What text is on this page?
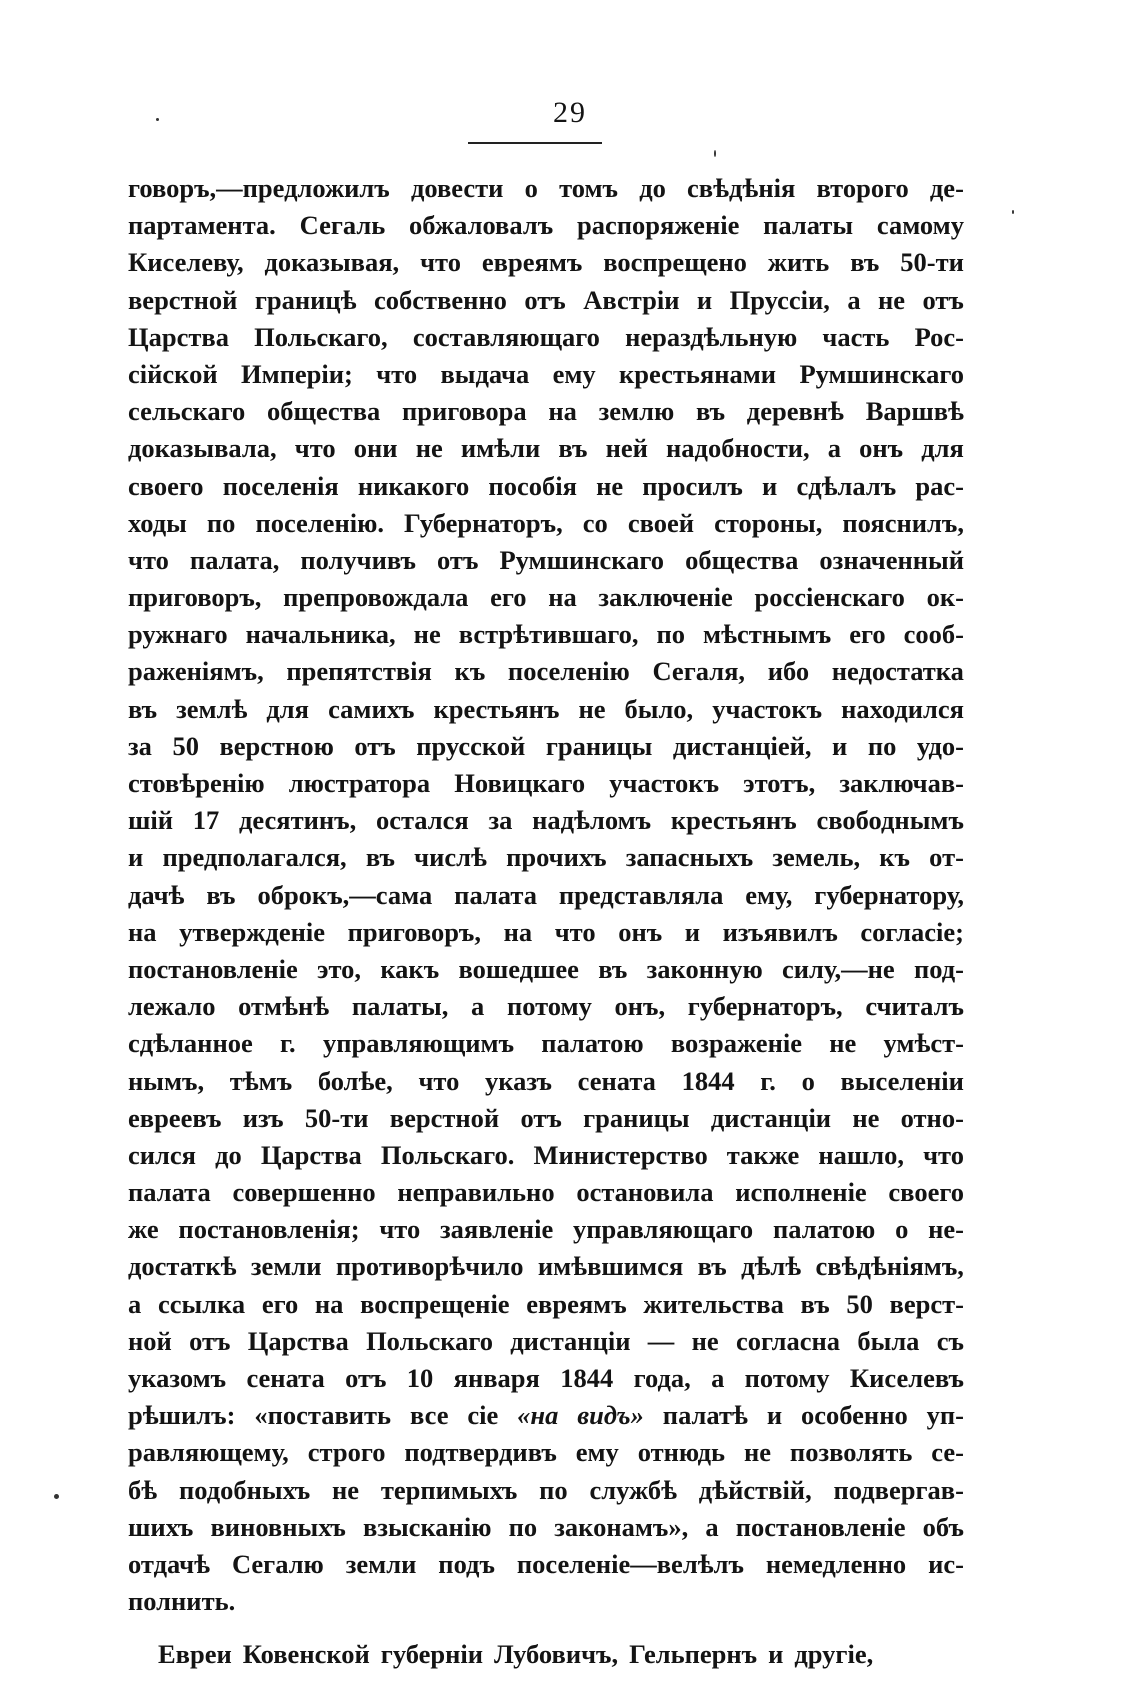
29
говоръ,—предложилъ довести о томъ до свѣдѣнія второго де-
партамента. Сегаль обжаловалъ распоряженіе палаты самому
Киселеву, доказывая, что евреямъ воспрещено жить въ 50-ти
верстной границѣ собственно отъ Австріи и Пруссіи, а не отъ
Царства Польскаго, составляющаго нераздѣльную часть Рос-
сійской Имперіи; что выдача ему крестьянами Румшинскаго
сельскаго общества приговора на землю въ деревнѣ Варшвѣ
доказывала, что они не имѣли въ ней надобности, а онъ для
своего поселенія никакого пособія не просилъ и сдѣлалъ рас-
ходы по поселенію. Губернаторъ, со своей стороны, пояснилъ,
что палата, получивъ отъ Румшинскаго общества означенный
приговоръ, препровождала его на заключеніе россіенскаго ок-
ружнаго начальника, не встрѣтившаго, по мѣстнымъ его сооб-
раженіямъ, препятствія къ поселенію Сегаля, ибо недостатка
въ землѣ для самихъ крестьянъ не было, участокъ находился
за 50 верстною отъ прусской границы дистанціей, и по удо-
стовѣренію люстратора Новицкаго участокъ этотъ, заключав-
шій 17 десятинъ, остался за надѣломъ крестьянъ свободнымъ
и предполагался, въ числѣ прочихъ запасныхъ земель, къ от-
дачѣ въ оброкъ,—сама палата представляла ему, губернатору,
на утвержденіе приговоръ, на что онъ и изъявилъ согласіе;
постановленіе это, какъ вошедшее въ законную силу,—не под-
лежало отмѣнѣ палаты, а потому онъ, губернаторъ, считалъ
сдѣланное г. управляющимъ палатою возраженіе не умѣст-
нымъ, тѣмъ болѣе, что указъ сената 1844 г. о выселеніи
евреевъ изъ 50-ти верстной отъ границы дистанціи не отно-
сился до Царства Польскаго. Министерство также нашло, что
палата совершенно неправильно остановила исполненіе своего
же постановленія; что заявленіе управляющаго палатою о не-
достаткѣ земли противорѣчило имѣвшимся въ дѣлѣ свѣдѣніямъ,
а ссылка его на воспрещеніе евреямъ жительства въ 50 верст-
ной отъ Царства Польскаго дистанціи — не согласна была съ
указомъ сената отъ 10 января 1844 года, а потому Киселевъ
рѣшилъ: «поставить все сіе «на видъ» палатѣ и особенно уп-
равляющему, строго подтвердивъ ему отнюдь не позволять се-
бѣ подобныхъ не терпимыхъ по службѣ дѣйствій, подвергав-
шихъ виновныхъ взысканію по законамъ», а постановленіе объ
отдачѣ Сегалю земли подъ поселеніе—велѣлъ немедленно ис-
полнить.
Евреи Ковенской губерніи Лубовичъ, Гельпернъ и другіе,
